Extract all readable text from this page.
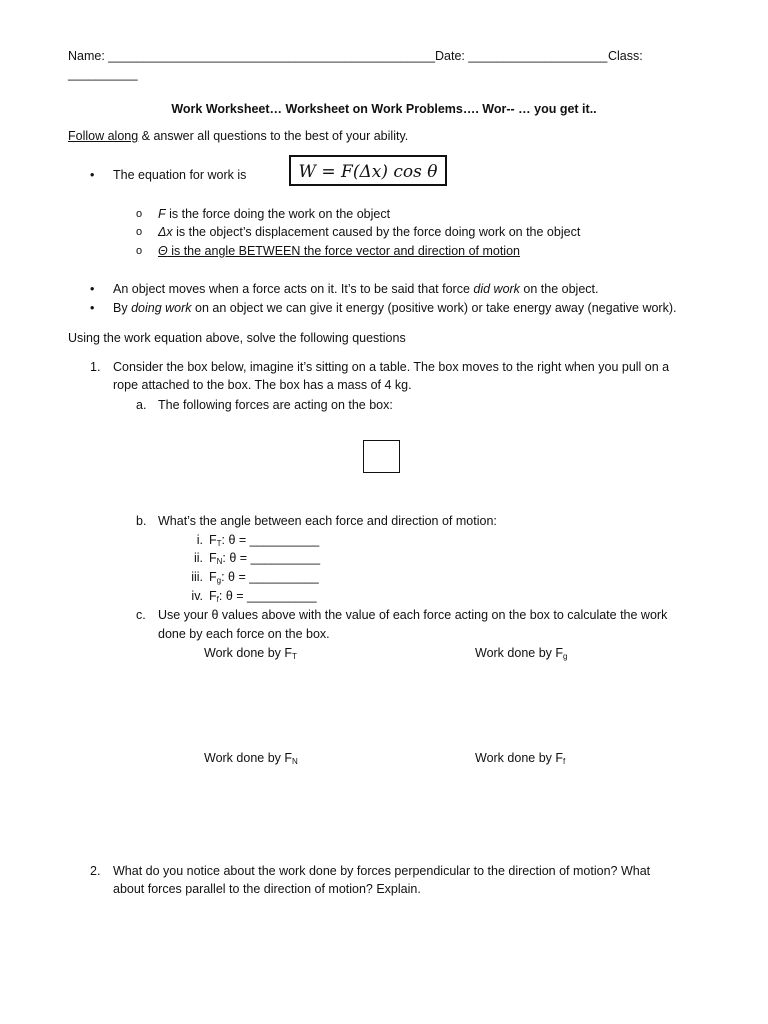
Name: _______________________________________________ Date: ____________________ Class:
__________
Work Worksheet… Worksheet on Work Problems…. Wor-- … you get it..
Follow along & answer all questions to the best of your ability.
• The equation for work is	W = F(Δx) cos θ
o F is the force doing the work on the object
o Δx is the object’s displacement caused by the force doing work on the object
o Θ is the angle BETWEEN the force vector and direction of motion
• An object moves when a force acts on it. It’s to be said that force did work on the object.
• By doing work on an object we can give it energy (positive work) or take energy away (negative work).
Using the work equation above, solve the following questions
1. Consider the box below, imagine it’s sitting on a table. The box moves to the right when you pull on a
rope attached to the box. The box has a mass of 4 kg.
a. The following forces are acting on the box:
b. What’s the angle between each force and direction of motion:
i. $F_T$: θ = __________
ii. $F_N$: θ = __________
iii. $F_g$: θ = __________
iv. $F_f$: θ = __________
c. Use your θ values above with the value of each force acting on the box to calculate the work
done by each force on the box.
Work done by $F_T$	Work done by $F_g$
Work done by $F_N$	Work done by $F_f$
2. What do you notice about the work done by forces perpendicular to the direction of motion? What
about forces parallel to the direction of motion? Explain.
